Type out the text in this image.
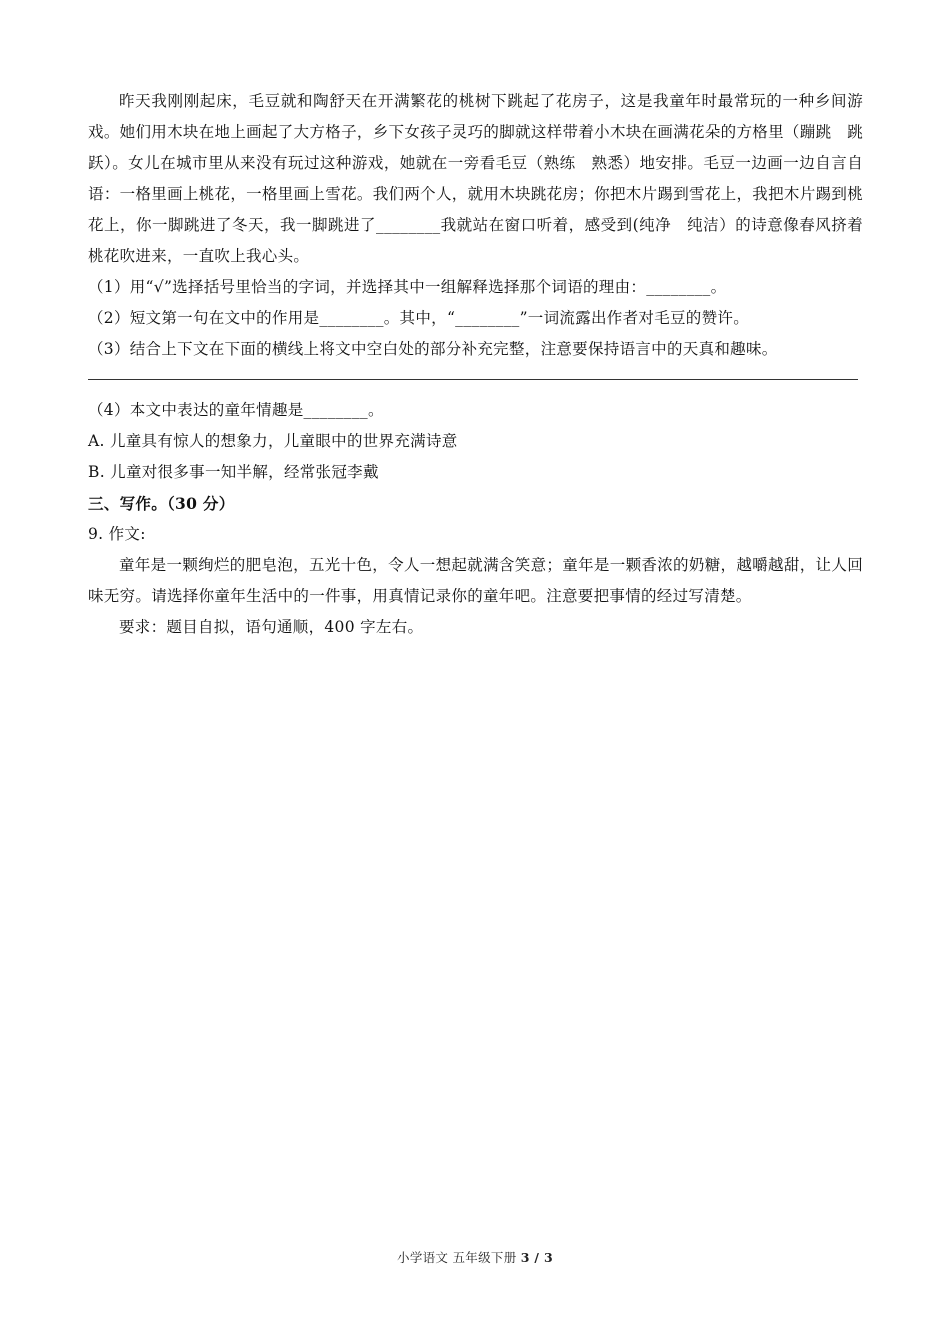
昨天我刚刚起床，毛豆就和陶舒天在开满繁花的桃树下跳起了花房子，这是我童年时最常玩的一种乡间游戏。她们用木块在地上画起了大方格子，乡下女孩子灵巧的脚就这样带着小木块在画满花朵的方格里（蹦跳　跳跃）。女儿在城市里从来没有玩过这种游戏，她就在一旁看毛豆（熟练　熟悉）地安排。毛豆一边画一边自言自语：一格里画上桃花，一格里画上雪花。我们两个人，就用木块跳花房；你把木片踢到雪花上，我把木片踢到桃花上，你一脚跳进了冬天，我一脚跳进了________我就站在窗口听着，感受到(纯净　纯洁）的诗意像春风挤着桃花吹进来，一直吹上我心头。

（1）用“√”选择括号里恰当的字词，并选择其中一组解释选择那个词语的理由：________。

（2）短文第一句在文中的作用是________。其中，“________”一词流露出作者对毛豆的赞许。

（3）结合上下文在下面的横线上将文中空白处的部分补充完整，注意要保持语言中的天真和趣味。

（4）本文中表达的童年情趣是________。

A. 儿童具有惊人的想象力，儿童眼中的世界充满诗意

B. 儿童对很多事一知半解，经常张冠李戴

三、写作。（30 分）

9. 作文:

童年是一颗绚烂的肥皂泡，五光十色，令人一想起就满含笑意；童年是一颗香浓的奶糖，越嚼越甜，让人回味无穷。请选择你童年生活中的一件事，用真情记录你的童年吧。注意要把事情的经过写清楚。

要求：题目自拟，语句通顺，400 字左右。

小学语文 五年级下册 3 / 3
